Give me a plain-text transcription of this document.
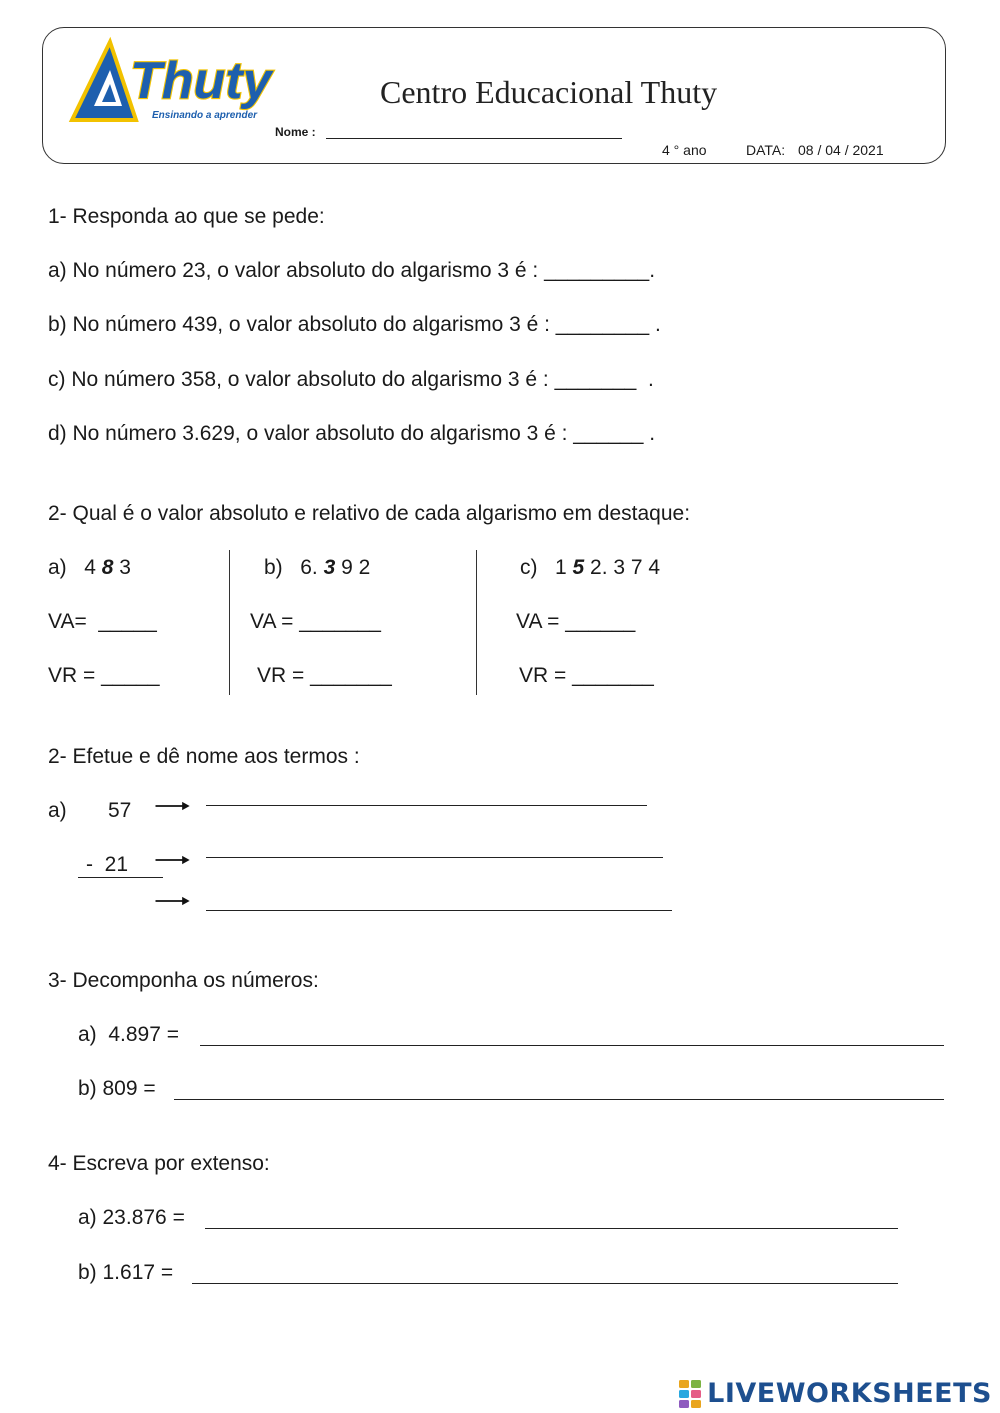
Thuty
Ensinando a aprender
Centro Educacional Thuty
Nome :
4 ° ano	DATA: 08 / 04 / 2021
1- Responda ao que se pede:
a) No número 23, o valor absoluto do algarismo 3 é : _________.
b) No número 439, o valor absoluto do algarismo 3 é : ________ .
c) No número 358, o valor absoluto do algarismo 3 é : _______  .
d) No número 3.629, o valor absoluto do algarismo 3 é : ______ .
2- Qual é o valor absoluto e relativo de cada algarismo em destaque:
a) 4 8 3
VA=  _____
VR = _____
b) 6. 3 9 2
VA = _______
VR = _______
c) 1 5 2. 3 7 4
VA = ______
VR = _______
2- Efetue e dê nome aos termos :
a) 57
-  21
3- Decomponha os números:
a)  4.897 =
b) 809 =
4- Escreva por extenso:
a) 23.876 =
b) 1.617 =
LIVEWORKSHEETS
